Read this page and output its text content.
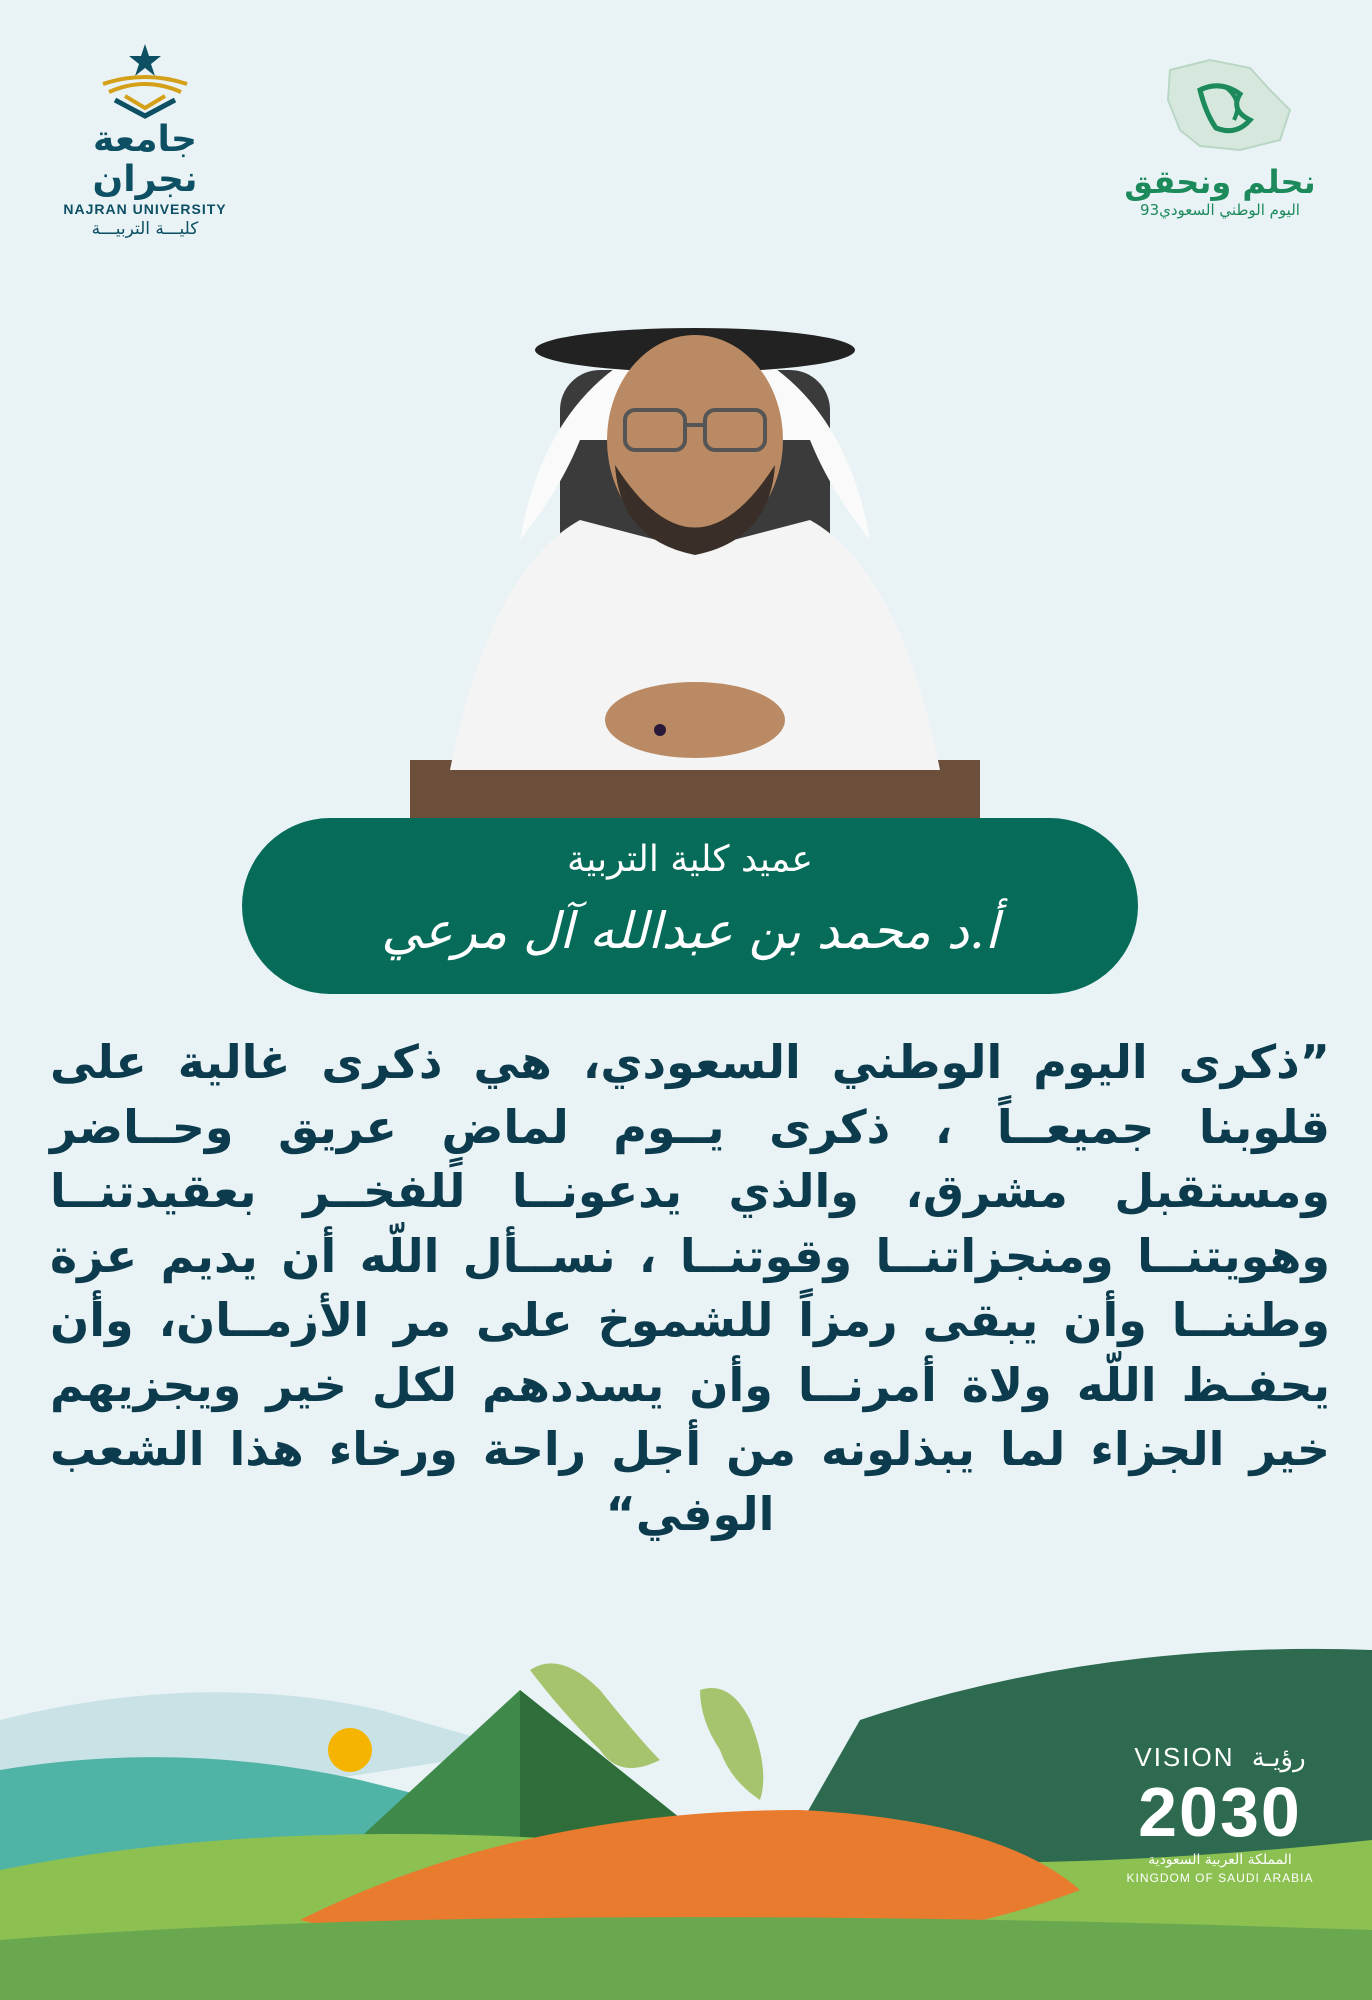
جامعة نجران
NAJRAN UNIVERSITY
كليـــة التربيـــة
نحلم ونحقق
اليوم الوطني السعودي93
عميد كلية التربية
أ.د محمد بن عبدالله آل مرعي
”ذكرى اليوم الوطني السعودي، هي ذكرى غالية على قلوبنا جميعــاً ، ذكرى يــوم لماضٍ عريق وحــاضر ومستقبل مشرق، والذي يدعونــا للفخــر بعقيدتنــا وهويتنــا ومنجزاتنــا وقوتنــا ، نســأل اللّه أن يديم عزة وطننــا وأن يبقى رمزاً للشموخ على مر الأزمــان، وأن يحفـظ اللّه ولاة أمرنــا وأن يسددهم لكل خير ويجزيهم خير الجزاء لما يبذلونه من أجل راحة ورخاء هذا الشعب الوفي“
VISION رؤيـة
2030
المملكة العربية السعودية
KINGDOM OF SAUDI ARABIA
